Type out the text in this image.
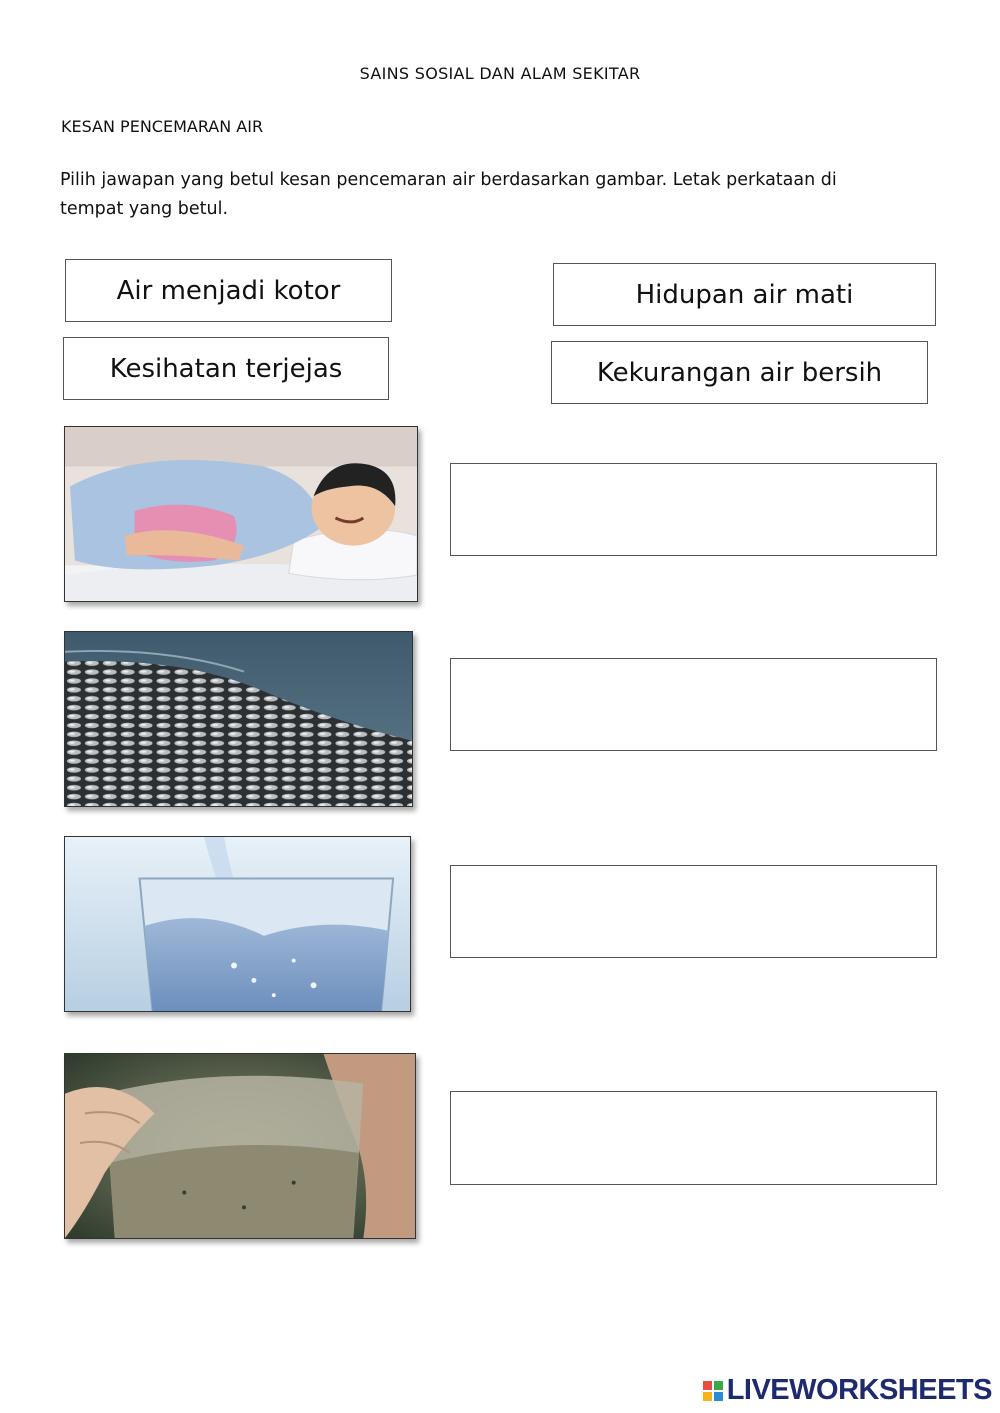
SAINS SOSIAL DAN ALAM SEKITAR
KESAN PENCEMARAN AIR
Pilih jawapan yang betul kesan pencemaran air berdasarkan gambar. Letak perkataan di tempat yang betul.
Air menjadi kotor	Hidupan air mati
Kesihatan terjejas	Kekurangan air bersih
LIVEWORKSHEETS
